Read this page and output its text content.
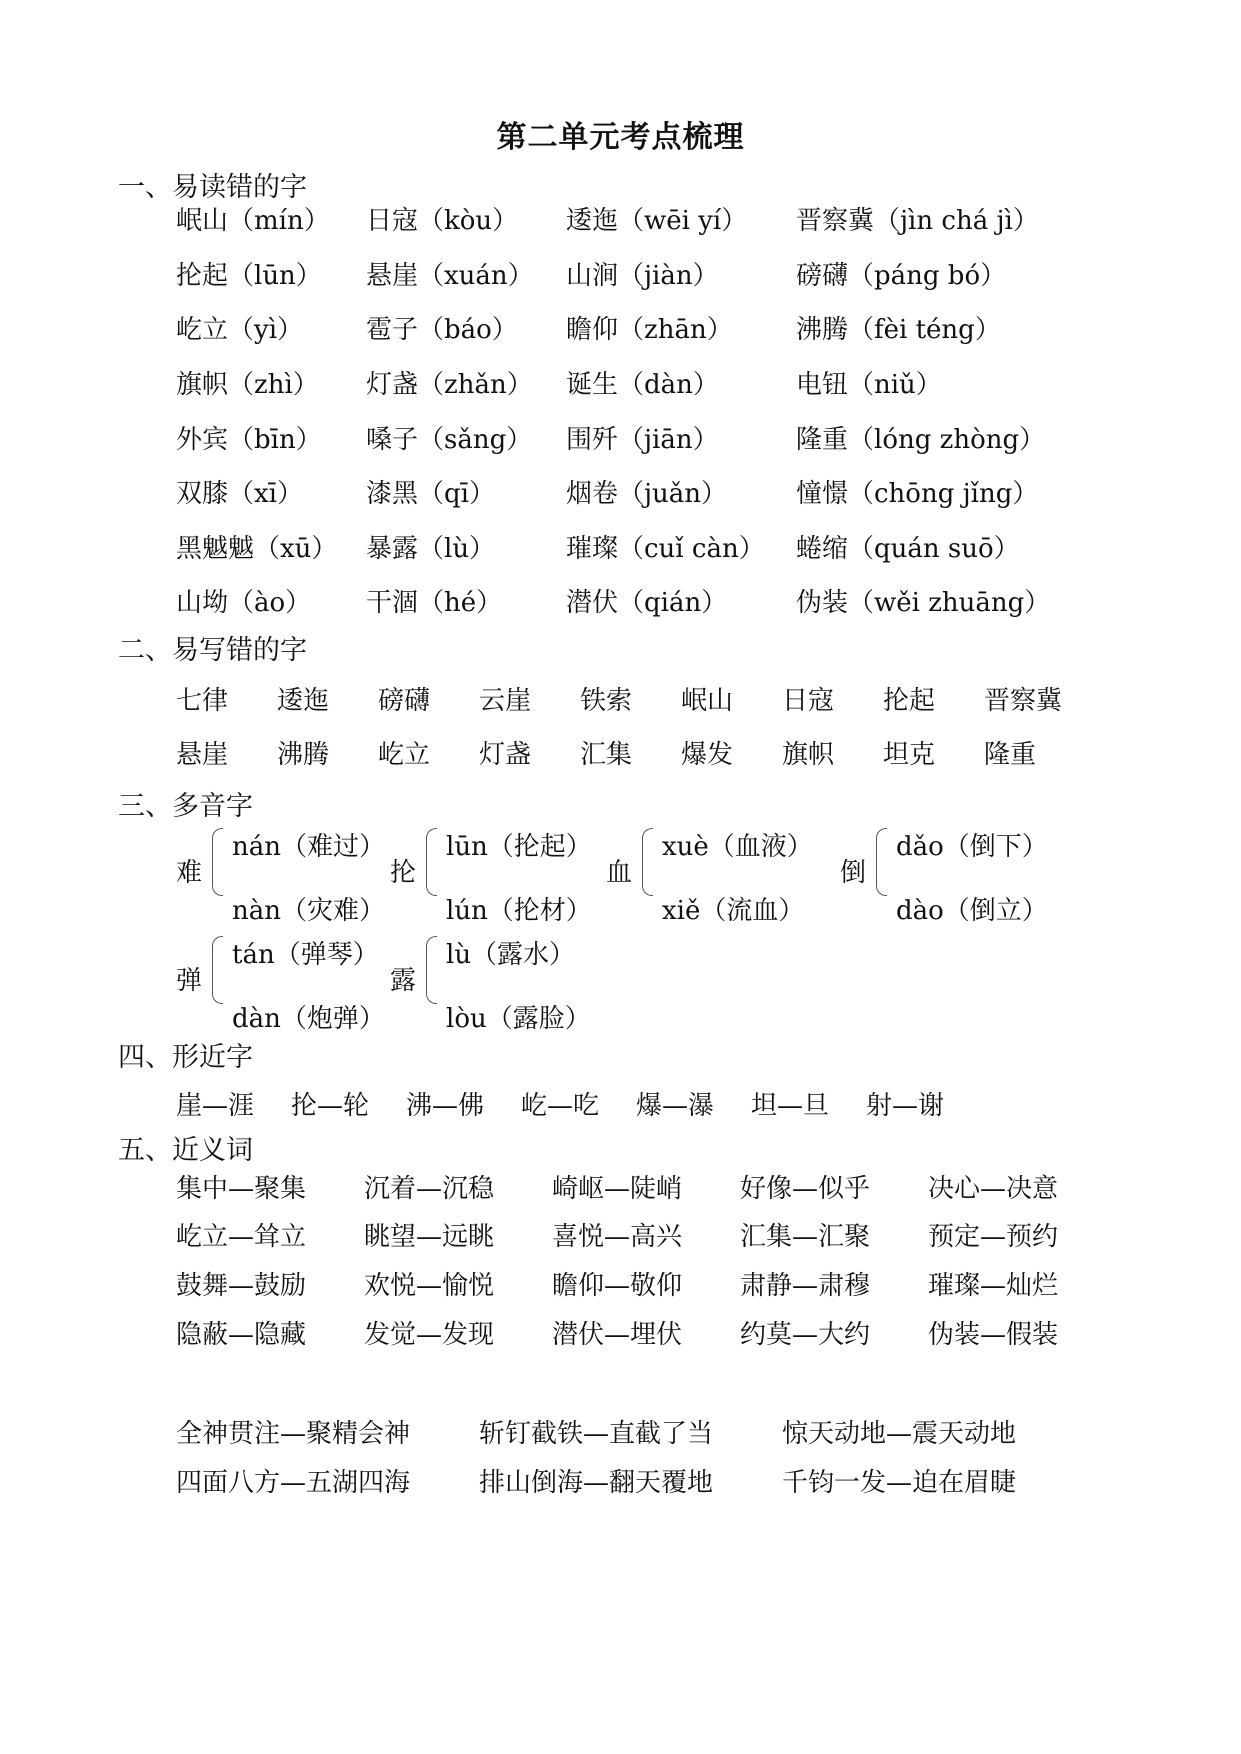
第二单元考点梳理
一、易读错的字
岷山（mín） 日寇（kòu） 逶迤（wēi yí） 晋察冀（jìn chá jì）
抡起（lūn） 悬崖（xuán） 山涧（jiàn）	磅礴（páng bó）
屹立（yì） 雹子（báo） 瞻仰（zhān） 沸腾（fèi téng）
旗帜（zhì） 灯盏（zhǎn） 诞生（dàn）	电钮（niǔ）
外宾（bīn） 嗓子（sǎng） 围歼（jiān）	隆重（lóng zhòng）
双膝（xī） 漆黑（qī）	烟卷（juǎn）	憧憬（chōng jǐng）
黑魆魆（xū） 暴露（lù）	璀璨（cuǐ càn） 蜷缩（quán suō）
山坳（ào） 干涸（hé） 潜伏（qián）	伪装（wěi zhuāng）
二、易写错的字
七律 逶迤 磅礴 云崖 铁索 岷山 日寇 抡起 晋察冀
悬崖 沸腾 屹立 灯盏 汇集 爆发 旗帜 坦克 隆重
三、多音字
难
nán（难过）
nàn（灾难）
抡
lūn（抡起）
lún（抡材）
血
xuè（血液）
xiě（流血）
倒
dǎo（倒下）
dào（倒立）
弹
tán（弹琴）
dàn（炮弹）
露
lù（露水）
lòu（露脸）
四、形近字
崖—涯 抡—轮 沸—佛 屹—吃 爆—瀑 坦—旦 射—谢
五、近义词
集中—聚集 沉着—沉稳 崎岖—陡峭 好像—似乎 决心—决意
屹立—耸立 眺望—远眺 喜悦—高兴 汇集—汇聚 预定—预约
鼓舞—鼓励 欢悦—愉悦 瞻仰—敬仰 肃静—肃穆 璀璨—灿烂
隐蔽—隐藏 发觉—发现 潜伏—埋伏 约莫—大约 伪装—假装
全神贯注—聚精会神	斩钉截铁—直截了当	惊天动地—震天动地
四面八方—五湖四海	排山倒海—翻天覆地	千钧一发—迫在眉睫
